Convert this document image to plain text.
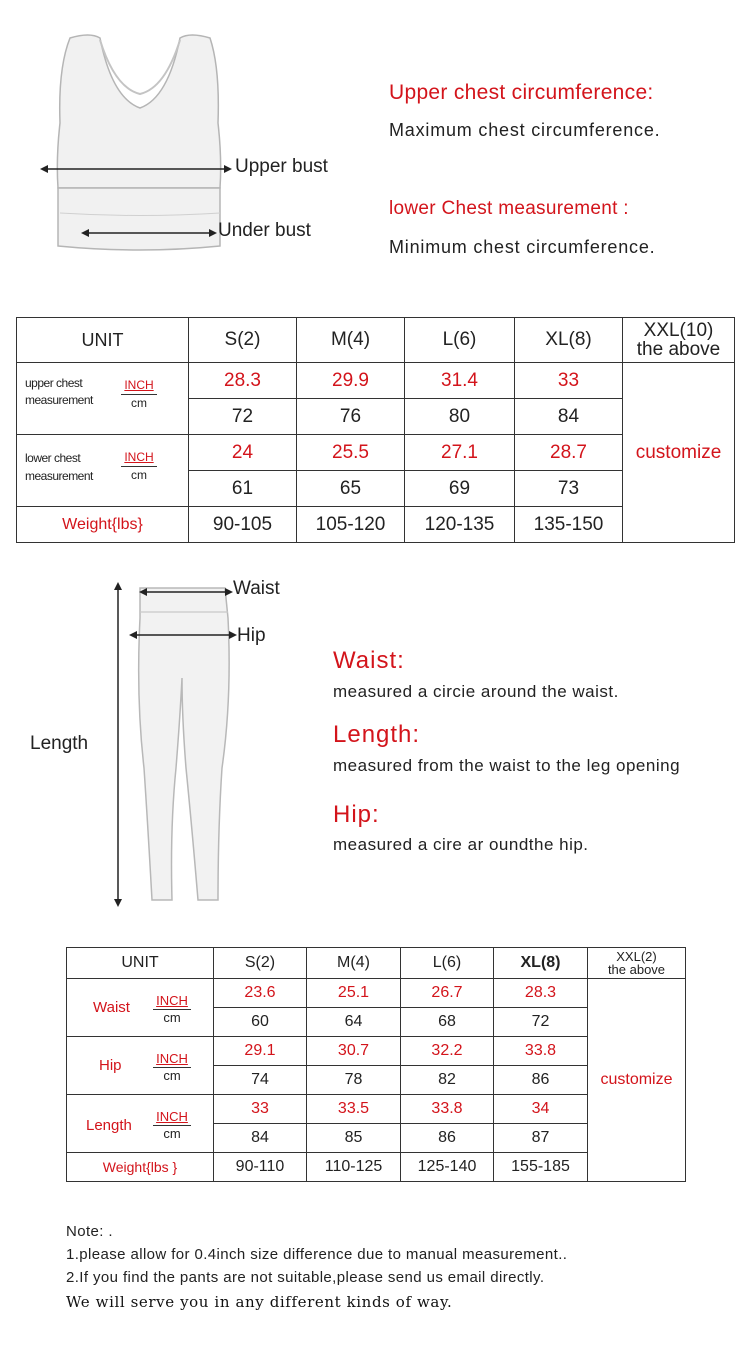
Upper bust
Under bust
Upper chest circumference:
Maximum chest circumference.
lower Chest measurement :
Minimum chest circumference.
UNIT	S(2)	M(4)	L(6)	XL(8)	XXL(10)
the above

upper chest
measurement
INCH
cm	28.3	29.9	31.4	33	customize
	72	76	80	84	

lower chest
measurement
INCH
cm	24	25.5	27.1	28.7	
	61	65	69	73	
Weight{lbs}	90-105	105-120	120-135	135-150	
Waist
Hip
Length
Waist:
measured a circie around the waist.
Length:
measured from the waist to the leg opening
Hip:
measured a cire ar oundthe hip.
UNIT	S(2)	M(4)	L(6)	XL(8)	XXL(2)
the above

Waist INCH
cm	23.6	25.1	26.7	28.3	customize
	60	64	68	72	

Hip INCH
cm	29.1	30.7	32.2	33.8	
	74	78	82	86	

Length
INCH
cm	33	33.5	33.8	34	
	84	85	86	87	
Weight{lbs }	90-110	110-125	125-140	155-185	
Note: .
1.please allow for 0.4inch size difference due to manual measurement..
2.If you find the pants are not suitable,please send us email directly.
We will serve you in any different kinds of way.
